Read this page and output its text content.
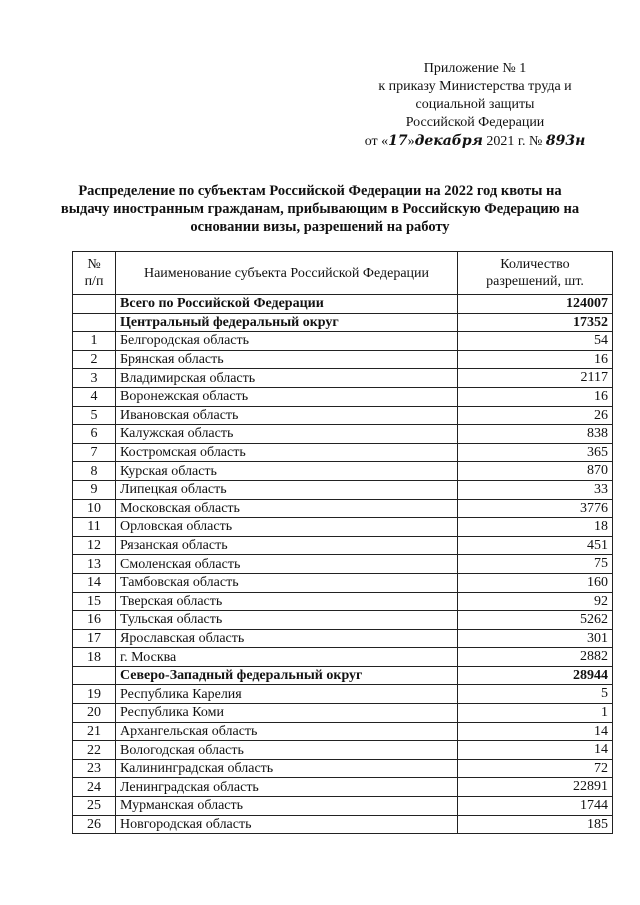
Приложение № 1
к приказу Министерства труда и
социальной защиты
Российской Федерации
от «17»декабря 2021 г. № 893н
Распределение по субъектам Российской Федерации на 2022 год квоты на
выдачу иностранным гражданам, прибывающим в Российскую Федерацию на
основании визы, разрешений на работу
№
п/п	Наименование субъекта Российской Федерации	Количество
разрешений, шт.
	Всего по Российской Федерации	124007
	Центральный федеральный округ	17352
1	Белгородская область	54
2	Брянская область	16
3	Владимирская область	2117
4	Воронежская область	16
5	Ивановская область	26
6	Калужская область	838
7	Костромская область	365
8	Курская область	870
9	Липецкая область	33
10	Московская область	3776
11	Орловская область	18
12	Рязанская область	451
13	Смоленская область	75
14	Тамбовская область	160
15	Тверская область	92
16	Тульская область	5262
17	Ярославская область	301
18	г. Москва	2882
	Северо-Западный федеральный округ	28944
19	Республика Карелия	5
20	Республика Коми	1
21	Архангельская область	14
22	Вологодская область	14
23	Калининградская область	72
24	Ленинградская область	22891
25	Мурманская область	1744
26	Новгородская область	185
